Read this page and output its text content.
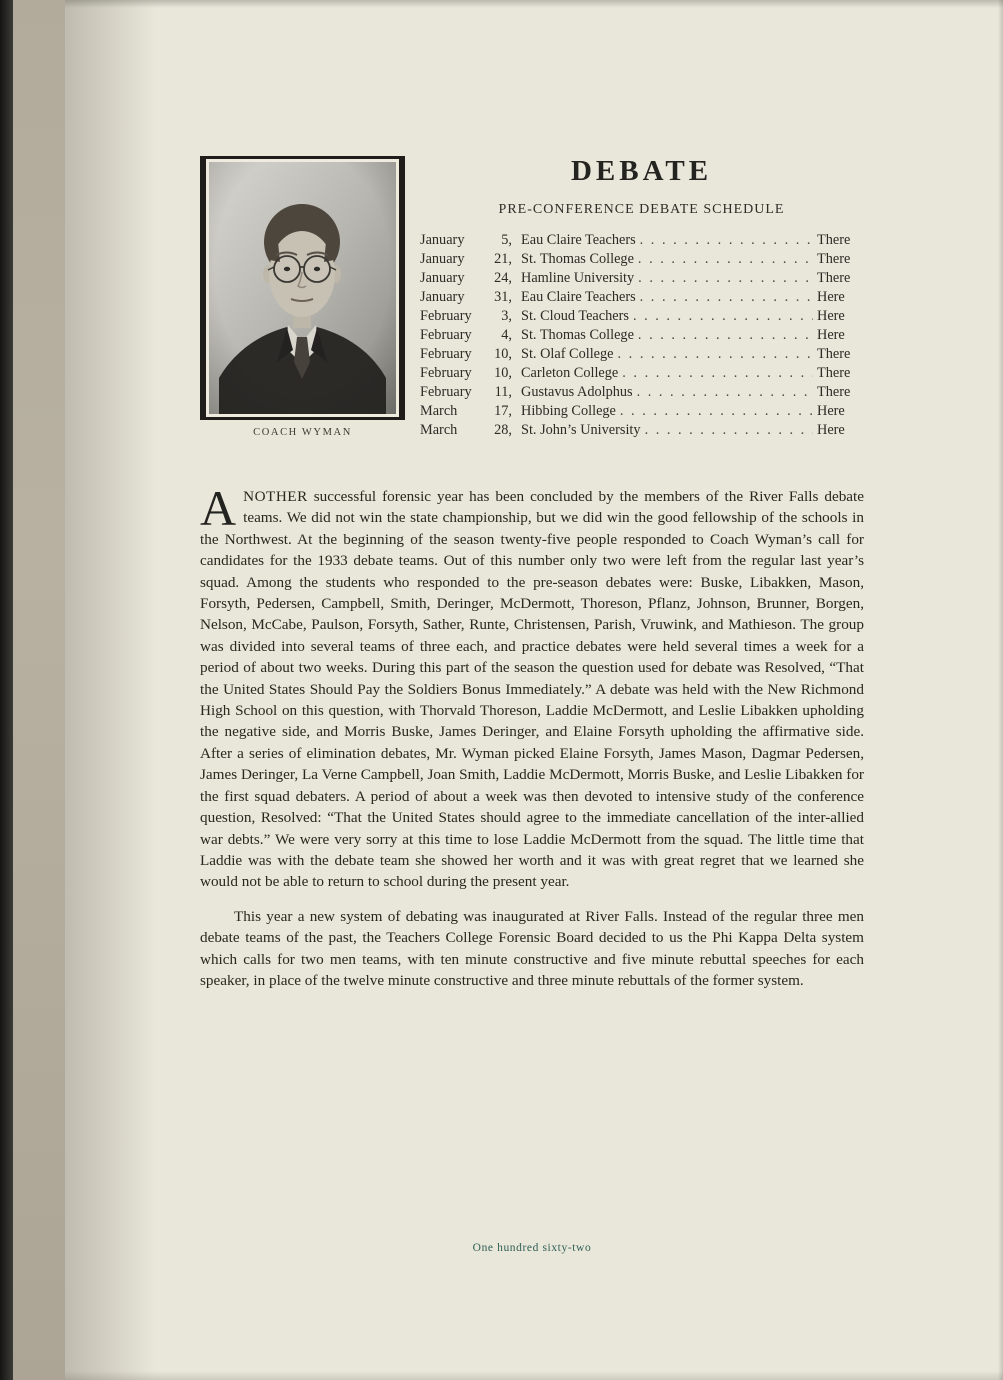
COACH WYMAN
DEBATE
PRE-CONFERENCE DEBATE SCHEDULE
January	5, Eau Claire Teachers . . .	There
January	21, St. Thomas College . . .	There
January	24, Hamline University . . .	There
January	31, Eau Claire Teachers . . .	Here
February	3, St. Cloud Teachers . . .	Here
February	4, St. Thomas College . . .	Here
February	10, St. Olaf College . . .	There
February	10, Carleton College . . .	There
February	11, Gustavus Adolphus . . .	There
March	17, Hibbing College . . .	Here
March	28, St. John’s University . . .	Here

ANOTHER successful forensic year has been concluded by the members of the River Falls debate teams. We did not win the state championship, but we did win the good fellowship of the schools in the Northwest. At the beginning of the season twenty-five people responded to Coach Wyman’s call for candidates for the 1933 debate teams. Out of this number only two were left from the regular last year’s squad. Among the students who responded to the pre-season debates were: Buske, Libakken, Mason, Forsyth, Pedersen, Campbell, Smith, Deringer, McDermott, Thoreson, Pflanz, Johnson, Brunner, Borgen, Nelson, McCabe, Paulson, Forsyth, Sather, Runte, Christensen, Parish, Vruwink, and Mathieson. The group was divided into several teams of three each, and practice debates were held several times a week for a period of about two weeks. During this part of the season the question used for debate was Resolved, “That the United States Should Pay the Soldiers Bonus Immediately.” A debate was held with the New Richmond High School on this question, with Thorvald Thoreson, Laddie McDermott, and Leslie Libakken upholding the negative side, and Morris Buske, James Deringer, and Elaine Forsyth upholding the affirmative side. After a series of elimination debates, Mr. Wyman picked Elaine Forsyth, James Mason, Dagmar Pedersen, James Deringer, La Verne Campbell, Joan Smith, Laddie McDermott, Morris Buske, and Leslie Libakken for the first squad debaters. A period of about a week was then devoted to intensive study of the conference question, Resolved: “That the United States should agree to the immediate cancellation of the inter-allied war debts.” We were very sorry at this time to lose Laddie McDermott from the squad. The little time that Laddie was with the debate team she showed her worth and it was with great regret that we learned she would not be able to return to school during the present year.

This year a new system of debating was inaugurated at River Falls. Instead of the regular three men debate teams of the past, the Teachers College Forensic Board decided to us the Phi Kappa Delta system which calls for two men teams, with ten minute constructive and five minute rebuttal speeches for each speaker, in place of the twelve minute constructive and three minute rebuttals of the former system.

One hundred sixty-two
